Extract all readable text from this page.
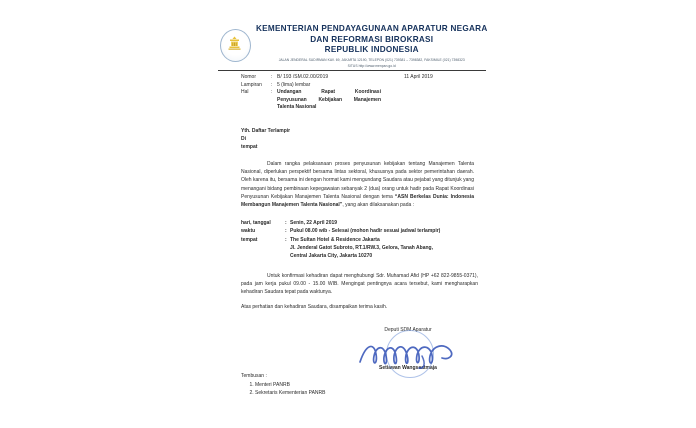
KEMENTERIAN PENDAYAGUNAAN APARATUR NEGARA
DAN REFORMASI BIROKRASI
REPUBLIK INDONESIA
JALAN JENDERAL SUDIRMAN KAV. 69, JAKARTA 12190, TELEPON (021) 739381 – 7398382, FAKSIMILE (021) 7398323
SITUS http://www.menpan.go.id
Nomor	: B/ 193 /SM.02.00/2019
Lampiran	: 5 (lima) lembar
Hal	: Undangan	Rapat	Koordinasi
Penyusunan Kebijakan Manajemen
Talenta Nasional
11 April 2019
Yth. Daftar Terlampir
Di
tempat
Dalam rangka pelaksanaan proses penyusunan kebijakan tentang Manajemen Talenta Nasional, diperlukan perspektif bersama lintas sektoral, khususnya pada sektor pemerintahan daerah. Oleh karena itu, bersama ini dengan hormat kami mengundang Saudara atau pejabat yang ditunjuk yang menangani bidang pembinaan kepegawaian sebanyak 2 (dua) orang untuk hadir pada Rapat Koordinasi Penyusunan Kebijakan Manajemen Talenta Nasional dengan tema “ASN Berkelas Dunia: Indonesia Membangun Manajemen Talenta Nasional”, yang akan dilaksanakan pada :
hari, tanggal	: Senin, 22 April 2019
waktu	: Pukul 08.00 wib - Selesai (mohon hadir sesuai jadwal terlampir)
tempat	: The Sultan Hotel & Residence Jakarta
Jl. Jenderal Gatot Subroto, RT.1/RW.3, Gelora, Tanah Abang,
Central Jakarta City, Jakarta 10270
Untuk konfirmasi kehadiran dapat menghubungi Sdr. Muhamad Afid (HP +62 822-9855-0371), pada jam kerja pukul 09.00 - 15.00 WIB. Mengingat pentingnya acara tersebut, kami mengharapkan kehadiran Saudara tepat pada waktunya.
Atas perhatian dan kehadiran Saudara, disampaikan terima kasih.
Deputi SDM Aparatur
Setiawan Wangsaatmaja
Tembusan :
1. Menteri PANRB
2. Sekretaris Kementerian PANRB
